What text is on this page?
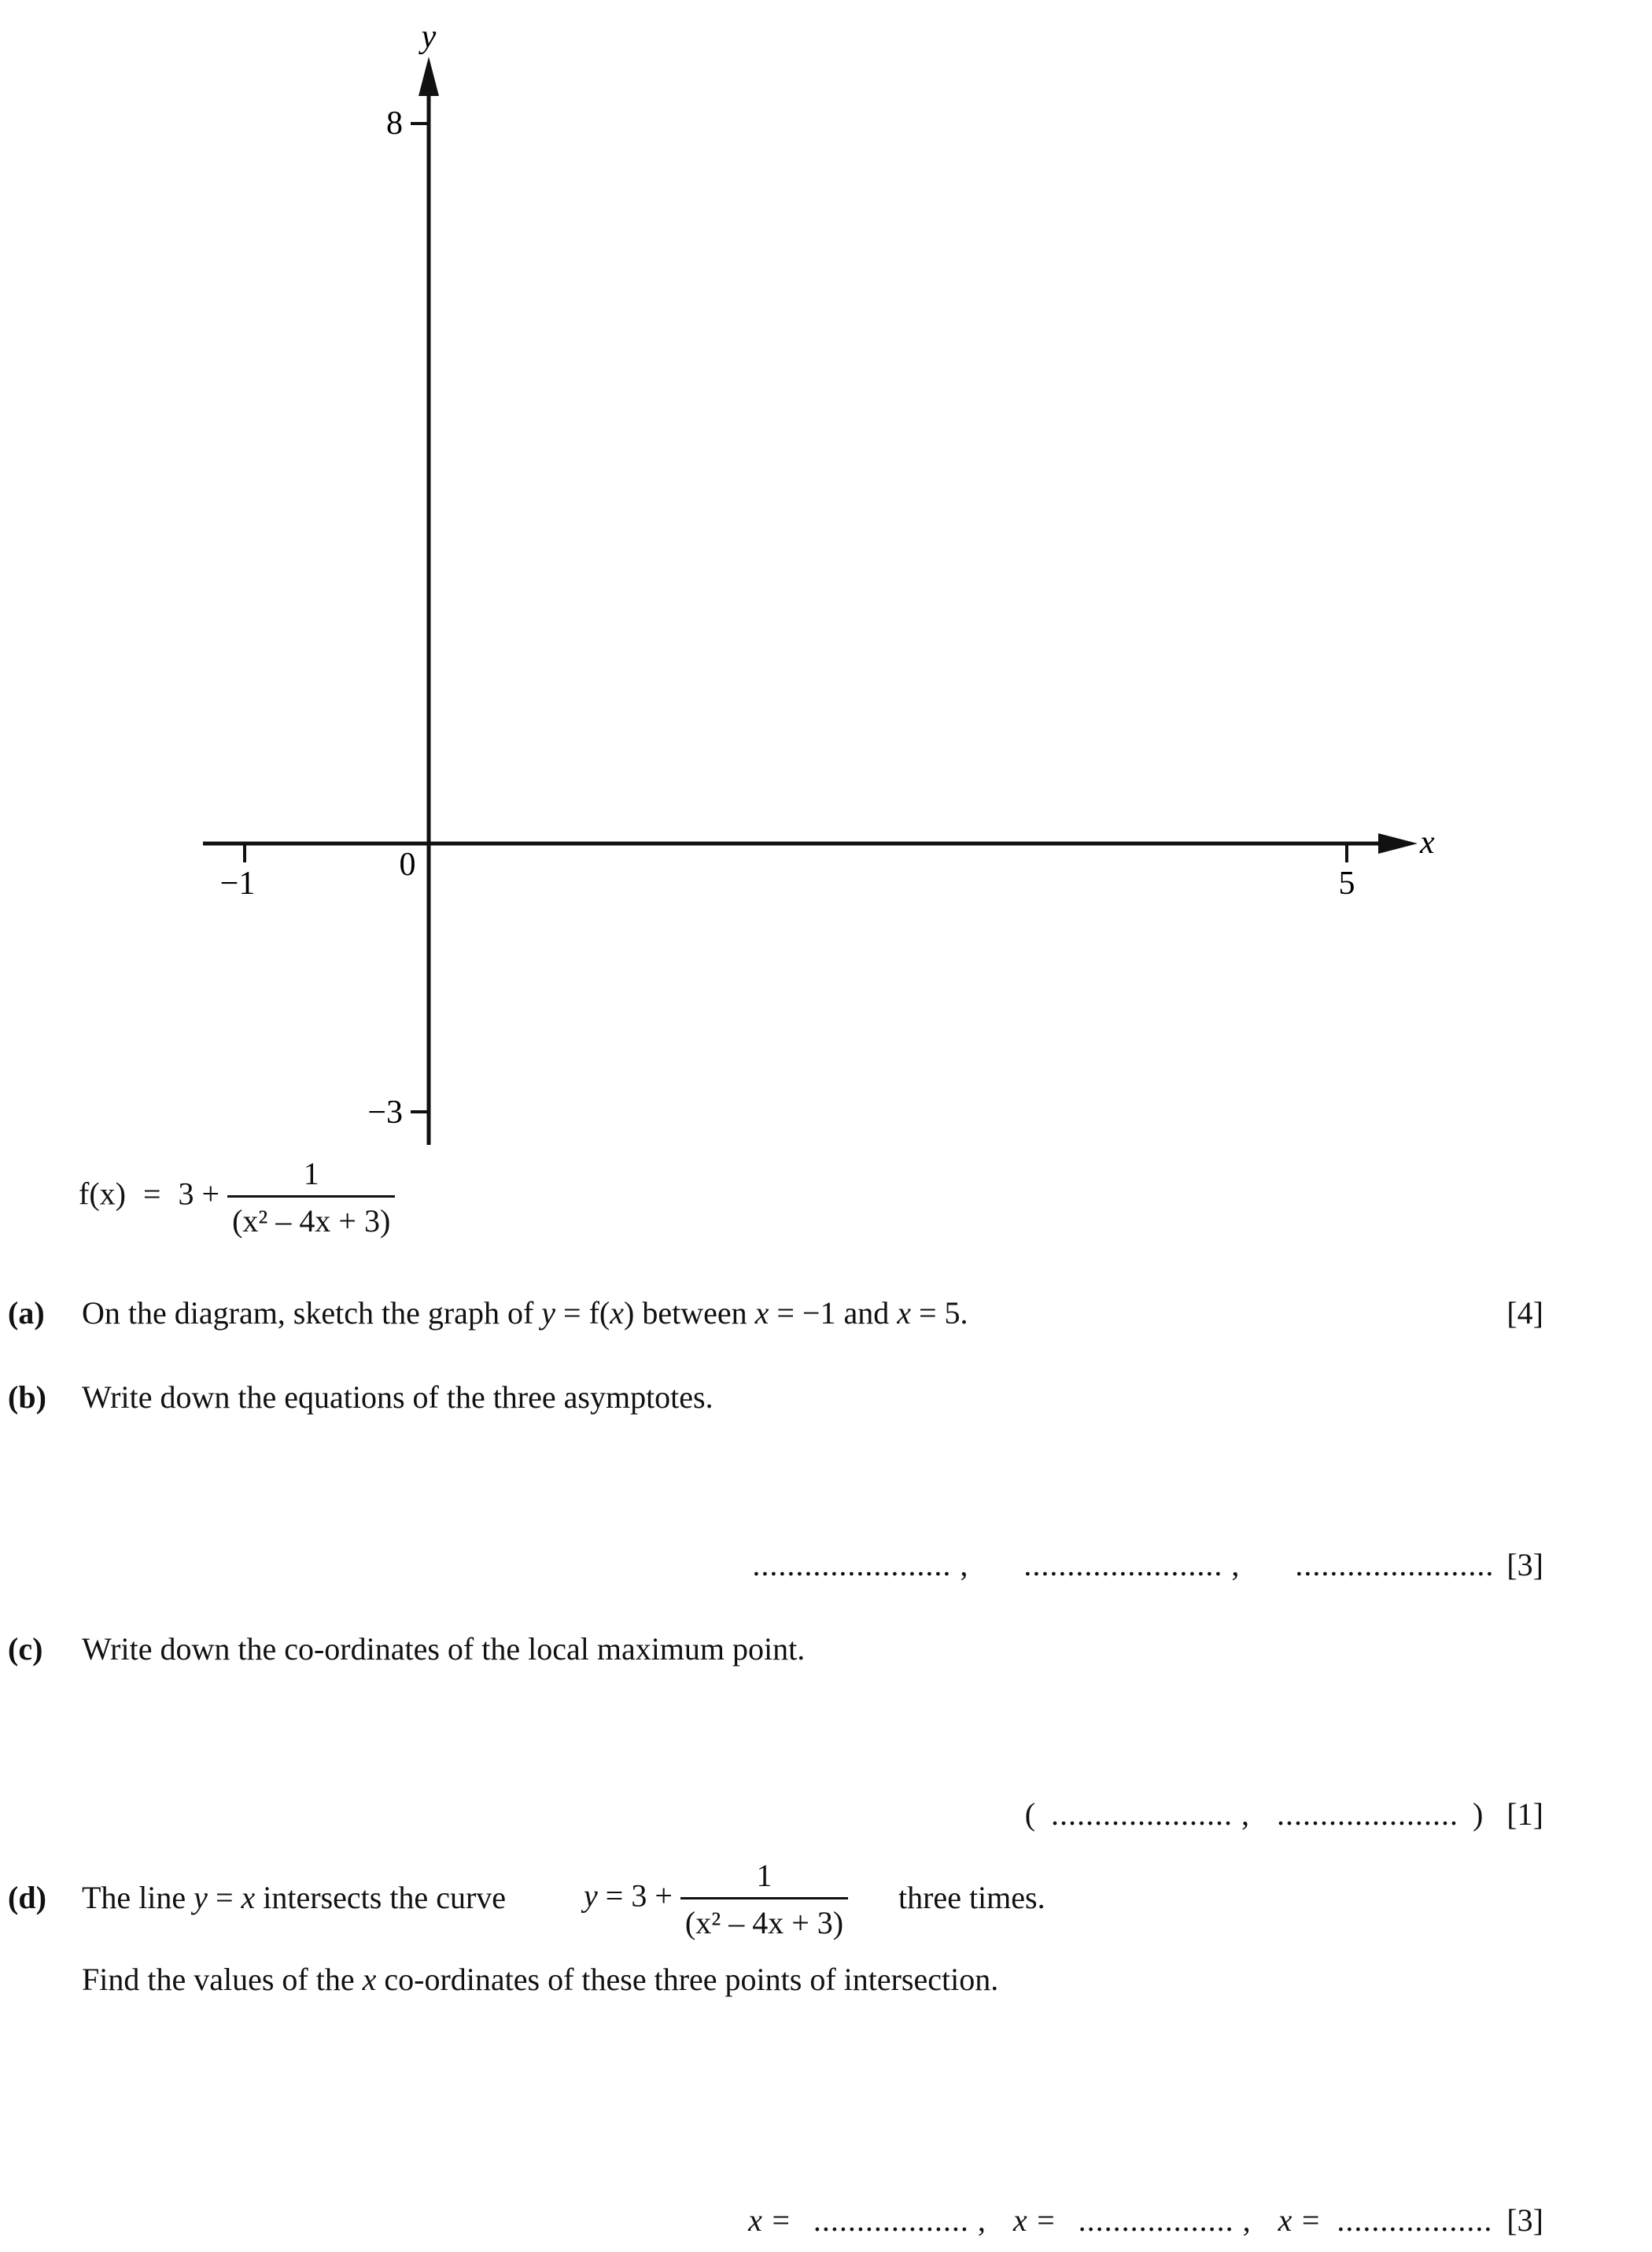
y
x
8
−3
−1	5
0
$f(x) = 3 + \frac{1}{\text{(x² – 4x + 3)}}$
(a) On the diagram, sketch the graph of y = f(x) between x = −1 and x = 5.	[4]
(b) Write down the equations of the three asymptotes.
....................... , ....................... , ....................... [3]
(c) Write down the co-ordinates of the local maximum point.
( ..................... , ..................... ) [1]
(d) The line y = x intersects the curve $y = 3 + \frac{1}{\text{(x² – 4x + 3)}}$ three times.
Find the values of the x co-ordinates of these three points of intersection.
x = .................. , x = .................. , x = .................. [3]
